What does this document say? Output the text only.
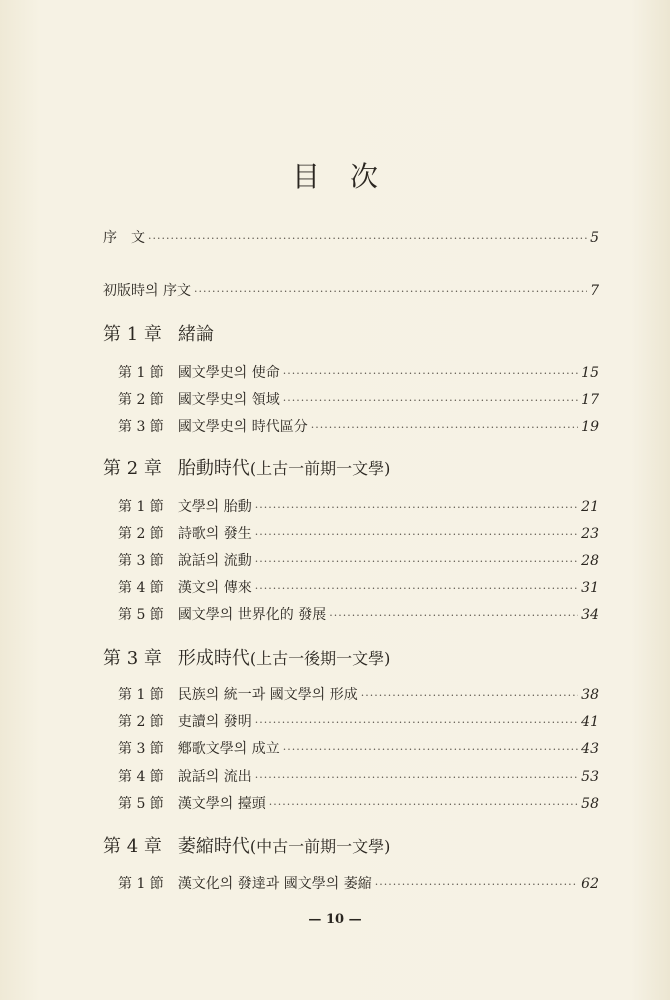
目 次
序　文 ·····	5
初版時의 序文 ·····	7
第 1 章 緒論
第 1 節 國文學史의 使命 ·····	15
第 2 節 國文學史의 領域 ·····	17
第 3 節 國文學史의 時代區分 ·····	19
第 2 章 胎動時代(上古一前期一文學)
第 1 節 文學의 胎動 ·····	21
第 2 節 詩歌의 發生 ·····	23
第 3 節 說話의 流動 ·····	28
第 4 節 漢文의 傳來 ·····	31
第 5 節 國文學의 世界化的 發展 ·····	34
第 3 章 形成時代(上古一後期一文學)
第 1 節 民族의 統一과 國文學의 形成 ·····	38
第 2 節 吏讀의 發明 ·····	41
第 3 節 鄕歌文學의 成立 ·····	43
第 4 節 說話의 流出 ·····	53
第 5 節 漢文學의 擡頭 ·····	58
第 4 章 萎縮時代(中古一前期一文學)
第 1 節 漢文化의 發達과 國文學의 萎縮 ·····	62
— 10 —
